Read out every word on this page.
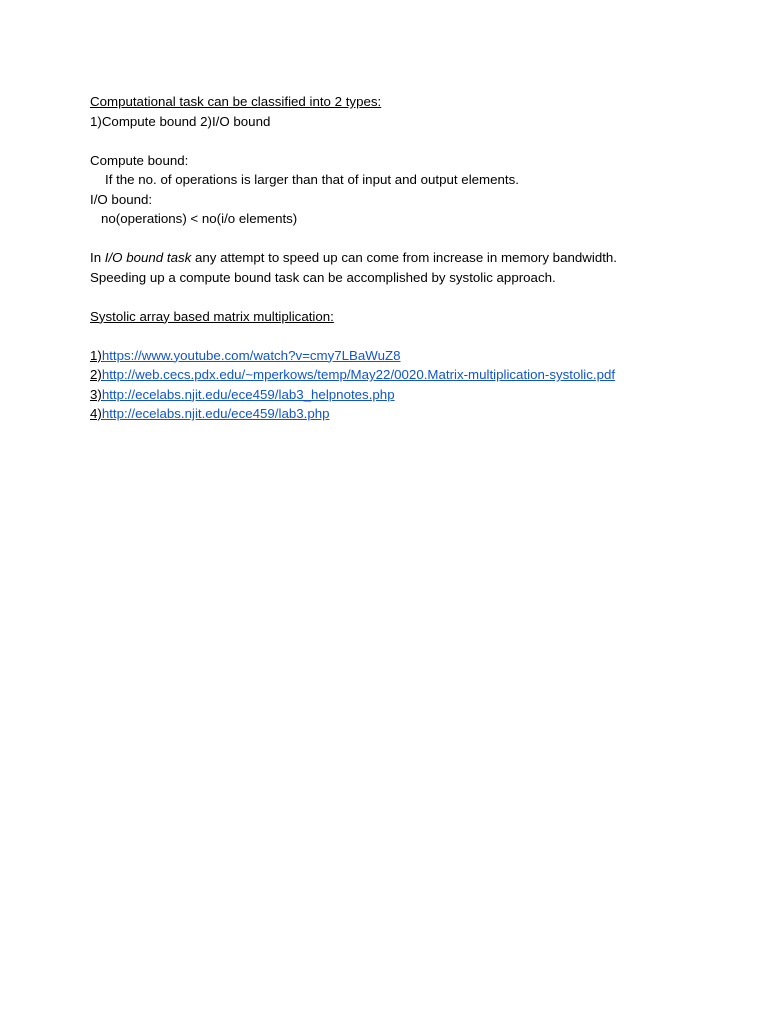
Computational task can be classified into 2 types:
1)Compute bound 2)I/O bound
Compute bound:
If the no. of operations is larger than that of input and output elements.
I/O bound:
no(operations) < no(i/o elements)
In I/O bound task any attempt to speed up can come from increase in memory bandwidth.
Speeding up a compute bound task can be accomplished by systolic approach.
Systolic array based matrix multiplication:
1)https://www.youtube.com/watch?v=cmy7LBaWuZ8
2)http://web.cecs.pdx.edu/~mperkows/temp/May22/0020.Matrix-multiplication-systolic.pdf
3)http://ecelabs.njit.edu/ece459/lab3_helpnotes.php
4)http://ecelabs.njit.edu/ece459/lab3.php
